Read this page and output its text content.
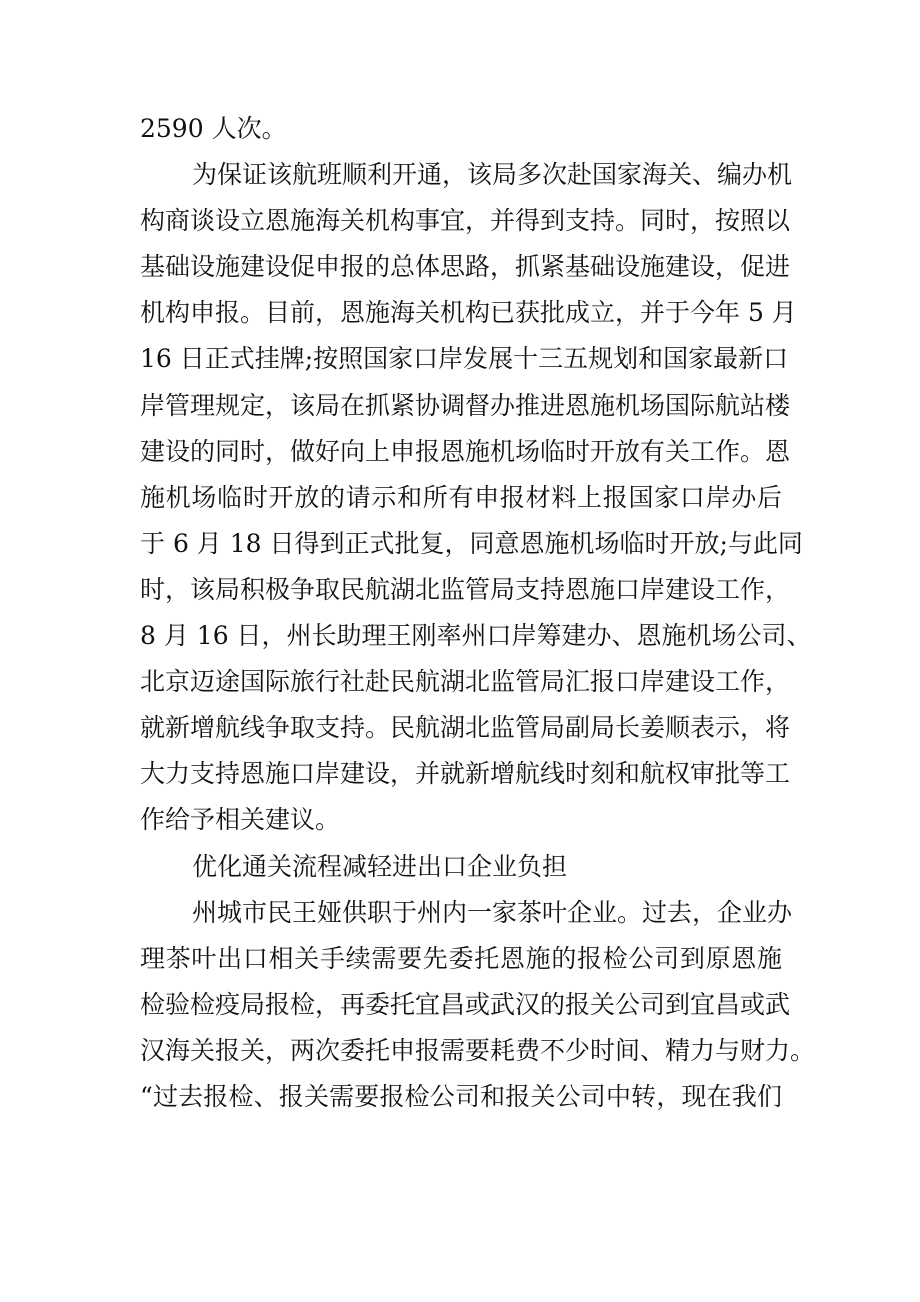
2590 人次。
为保证该航班顺利开通，该局多次赴国家海关、编办机
构商谈设立恩施海关机构事宜，并得到支持。同时，按照以
基础设施建设促申报的总体思路，抓紧基础设施建设，促进
机构申报。目前，恩施海关机构已获批成立，并于今年 5 月
16 日正式挂牌;按照国家口岸发展十三五规划和国家最新口
岸管理规定，该局在抓紧协调督办推进恩施机场国际航站楼
建设的同时，做好向上申报恩施机场临时开放有关工作。恩
施机场临时开放的请示和所有申报材料上报国家口岸办后
于 6 月 18 日得到正式批复，同意恩施机场临时开放;与此同
时，该局积极争取民航湖北监管局支持恩施口岸建设工作，
8 月 16 日，州长助理王刚率州口岸筹建办、恩施机场公司、
北京迈途国际旅行社赴民航湖北监管局汇报口岸建设工作，
就新增航线争取支持。民航湖北监管局副局长姜顺表示，将
大力支持恩施口岸建设，并就新增航线时刻和航权审批等工
作给予相关建议。
优化通关流程减轻进出口企业负担
州城市民王娅供职于州内一家茶叶企业。过去，企业办
理茶叶出口相关手续需要先委托恩施的报检公司到原恩施
检验检疫局报检，再委托宜昌或武汉的报关公司到宜昌或武
汉海关报关，两次委托申报需要耗费不少时间、精力与财力。
“过去报检、报关需要报检公司和报关公司中转，现在我们
